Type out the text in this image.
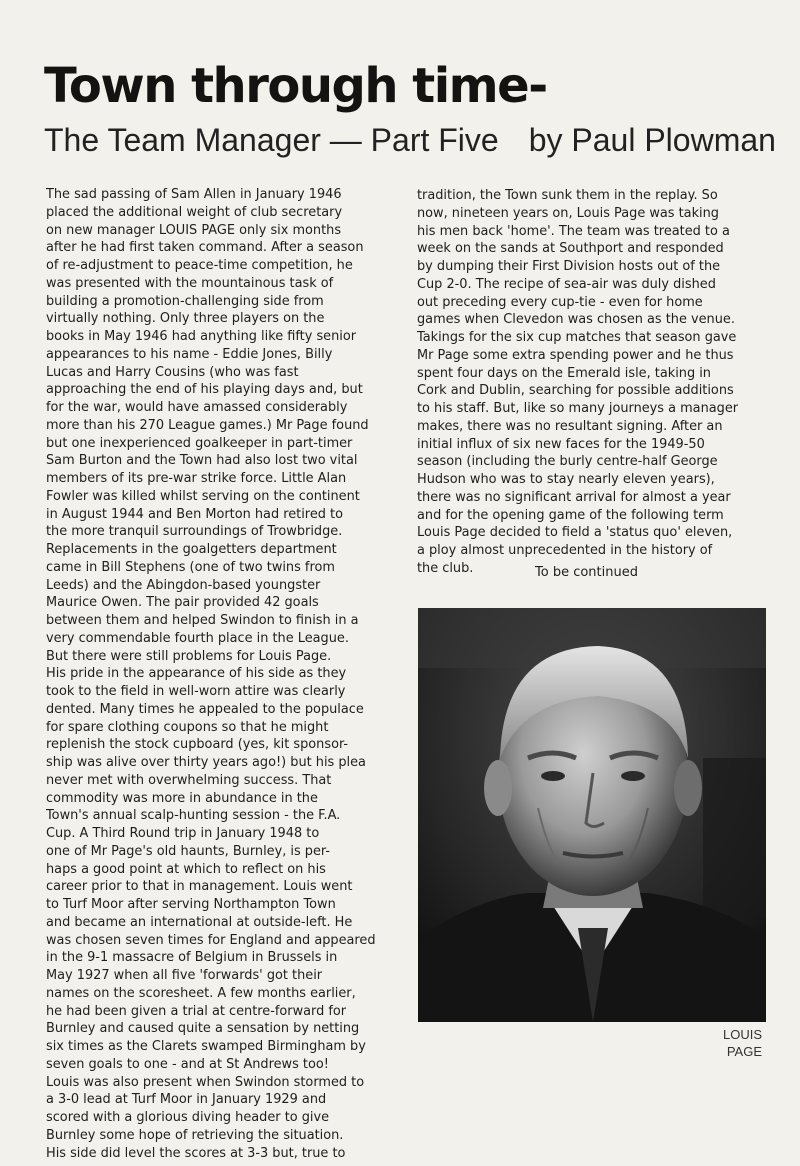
Town through time-
The Team Manager — Part Five by Paul Plowman

The sad passing of Sam Allen in January 1946
placed the additional weight of club secretary
on new manager LOUIS PAGE only six months
after he had first taken command. After a season
of re-adjustment to peace-time competition, he
was presented with the mountainous task of
building a promotion-challenging side from
virtually nothing. Only three players on the
books in May 1946 had anything like fifty senior
appearances to his name - Eddie Jones, Billy
Lucas and Harry Cousins (who was fast
approaching the end of his playing days and, but
for the war, would have amassed considerably
more than his 270 League games.) Mr Page found
but one inexperienced goalkeeper in part-timer
Sam Burton and the Town had also lost two vital
members of its pre-war strike force. Little Alan
Fowler was killed whilst serving on the continent
in August 1944 and Ben Morton had retired to
the more tranquil surroundings of Trowbridge.
Replacements in the goalgetters department
came in Bill Stephens (one of two twins from
Leeds) and the Abingdon-based youngster
Maurice Owen. The pair provided 42 goals
between them and helped Swindon to finish in a
very commendable fourth place in the League.
But there were still problems for Louis Page.
His pride in the appearance of his side as they
took to the field in well-worn attire was clearly
dented. Many times he appealed to the populace
for spare clothing coupons so that he might
replenish the stock cupboard (yes, kit sponsor-
ship was alive over thirty years ago!) but his plea
never met with overwhelming success. That
commodity was more in abundance in the
Town's annual scalp-hunting session - the F.A.
Cup. A Third Round trip in January 1948 to
one of Mr Page's old haunts, Burnley, is per-
haps a good point at which to reflect on his
career prior to that in management. Louis went
to Turf Moor after serving Northampton Town
and became an international at outside-left. He
was chosen seven times for England and appeared
in the 9-1 massacre of Belgium in Brussels in
May 1927 when all five 'forwards' got their
names on the scoresheet. A few months earlier,
he had been given a trial at centre-forward for
Burnley and caused quite a sensation by netting
six times as the Clarets swamped Birmingham by
seven goals to one - and at St Andrews too!
Louis was also present when Swindon stormed to
a 3-0 lead at Turf Moor in January 1929 and
scored with a glorious diving header to give
Burnley some hope of retrieving the situation.
His side did level the scores at 3-3 but, true to

tradition, the Town sunk them in the replay. So
now, nineteen years on, Louis Page was taking
his men back 'home'. The team was treated to a
week on the sands at Southport and responded
by dumping their First Division hosts out of the
Cup 2-0. The recipe of sea-air was duly dished
out preceding every cup-tie - even for home
games when Clevedon was chosen as the venue.
Takings for the six cup matches that season gave
Mr Page some extra spending power and he thus
spent four days on the Emerald isle, taking in
Cork and Dublin, searching for possible additions
to his staff. But, like so many journeys a manager
makes, there was no resultant signing. After an
initial influx of six new faces for the 1949-50
season (including the burly centre-half George
Hudson who was to stay nearly eleven years),
there was no significant arrival for almost a year
and for the opening game of the following term
Louis Page decided to field a 'status quo' eleven,
a ploy almost unprecedented in the history of
the club.	To be continued
LOUIS
PAGE
